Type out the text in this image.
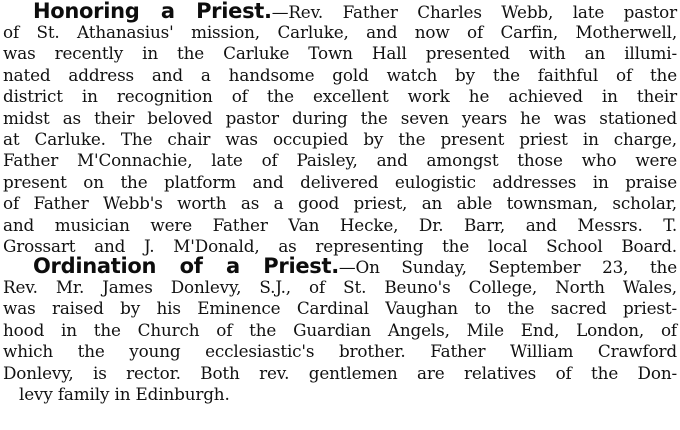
Honoring a Priest.—Rev. Father Charles Webb, late pastor
of St. Athanasius' mission, Carluke, and now of Carfin, Motherwell,
was recently in the Carluke Town Hall presented with an illumi-
nated address and a handsome gold watch by the faithful of the
district in recognition of the excellent work he achieved in their
midst as their beloved pastor during the seven years he was stationed
at Carluke. The chair was occupied by the present priest in charge,
Father M'Connachie, late of Paisley, and amongst those who were
present on the platform and delivered eulogistic addresses in praise
of Father Webb's worth as a good priest, an able townsman, scholar,
and musician were Father Van Hecke, Dr. Barr, and Messrs. T.
Grossart and J. M'Donald, as representing the local School Board.
Ordination of a Priest.—On Sunday, September 23, the
Rev. Mr. James Donlevy, S.J., of St. Beuno's College, North Wales,
was raised by his Eminence Cardinal Vaughan to the sacred priest-
hood in the Church of the Guardian Angels, Mile End, London, of
which the young ecclesiastic's brother. Father William Crawford
Donlevy, is rector. Both rev. gentlemen are relatives of the Don-
levy family in Edinburgh.
